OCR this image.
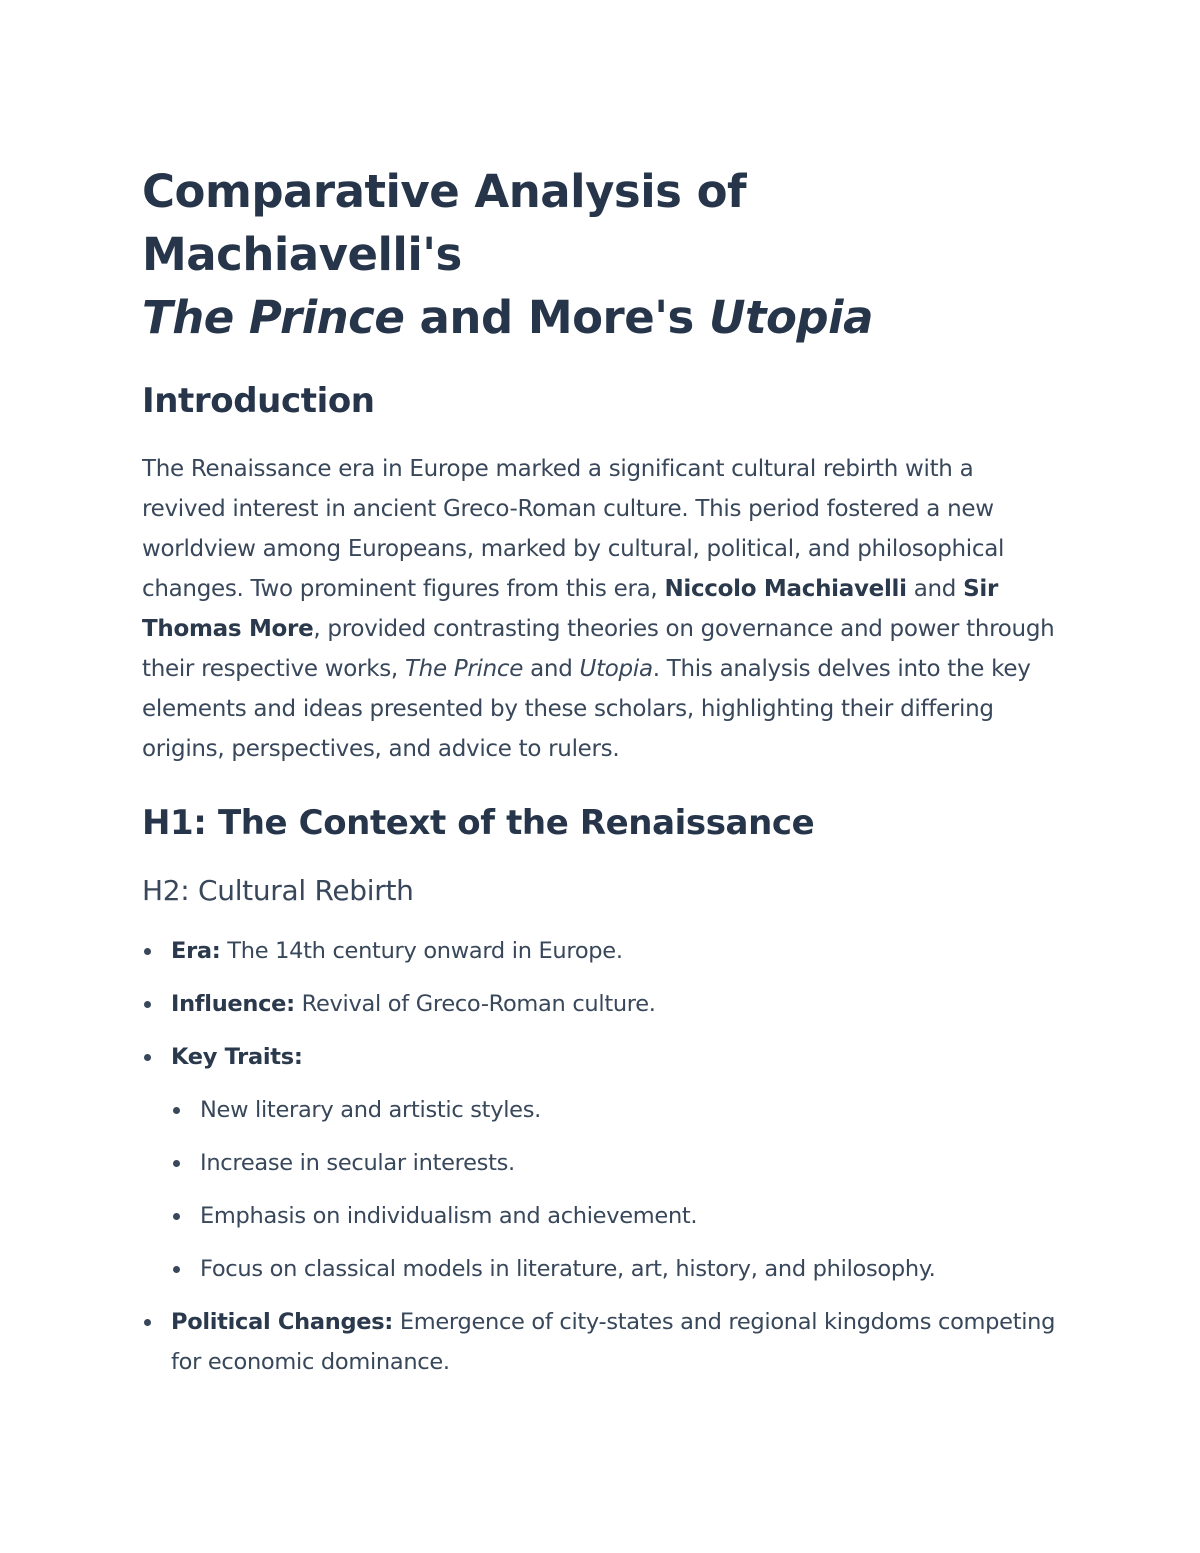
Comparative Analysis of Machiavelli's
The Prince and More's Utopia
Introduction

The Renaissance era in Europe marked a significant cultural rebirth with a revived interest in ancient Greco-Roman culture. This period fostered a new worldview among Europeans, marked by cultural, political, and philosophical changes. Two prominent figures from this era, Niccolo Machiavelli and Sir Thomas More, provided contrasting theories on governance and power through their respective works, The Prince and Utopia. This analysis delves into the key elements and ideas presented by these scholars, highlighting their differing origins, perspectives, and advice to rulers.

H1: The Context of the Renaissance
H2: Cultural Rebirth
Era: The 14th century onward in Europe.
Influence: Revival of Greco-Roman culture.
Key Traits:
New literary and artistic styles.
Increase in secular interests.
Emphasis on individualism and achievement.
Focus on classical models in literature, art, history, and philosophy.
Political Changes: Emergence of city-states and regional kingdoms competing for economic dominance.
